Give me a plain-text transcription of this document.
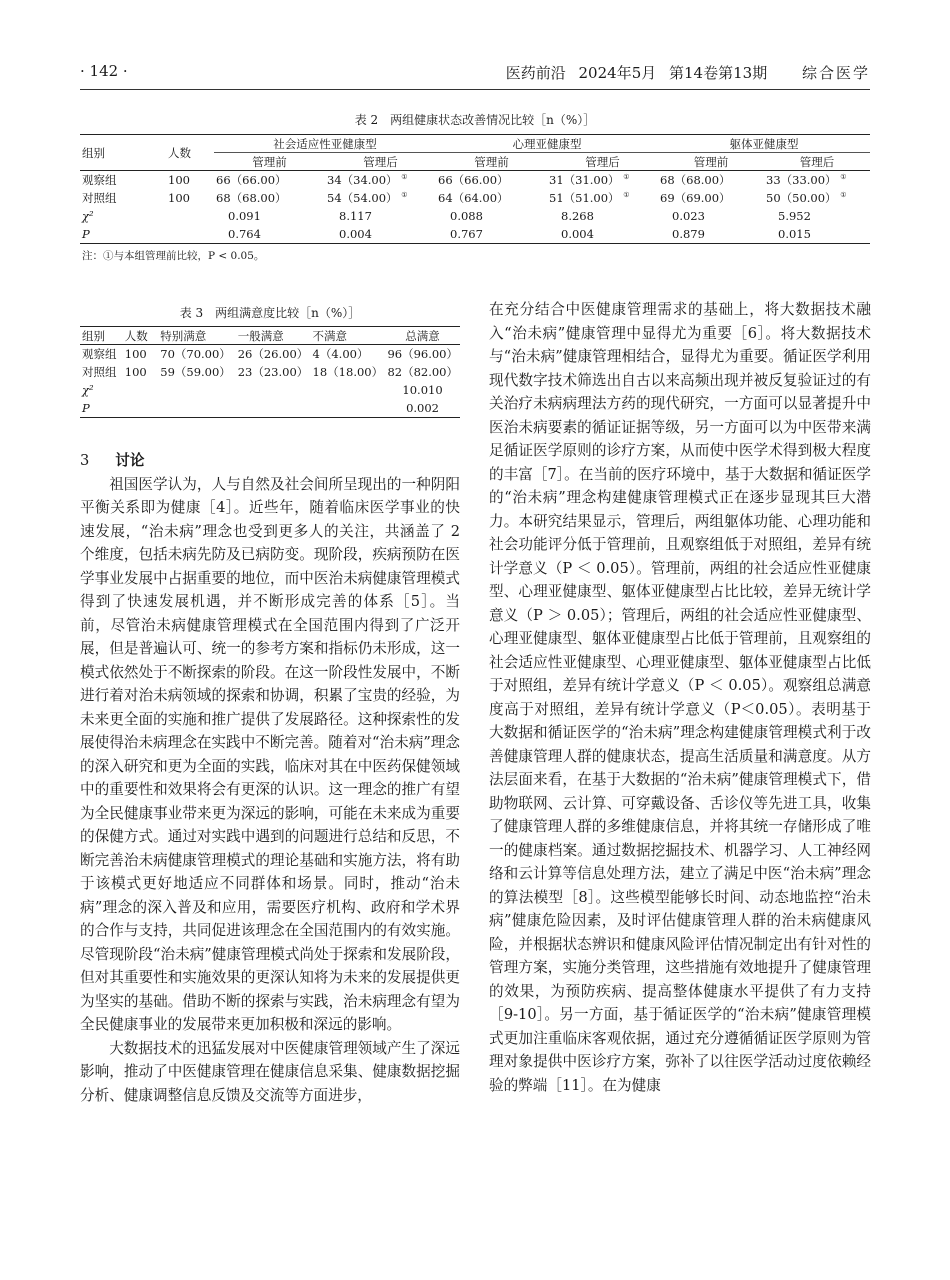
· 142 ·	医药前沿 2024年5月 第14卷第13期 综合医学
表 2　两组健康状态改善情况比较［n（%）］
组别	人数	社会适应性亚健康型		心理亚健康型		躯体亚健康型	
		管理前	管理后	管理前	管理后	管理前	管理后
观察组	100	66（66.00）	34（34.00） ①	66（66.00）	31（31.00） ①	68（68.00）	33（33.00） ①
对照组	100	68（68.00）	54（54.00） ①	64（64.00）	51（51.00） ①	69（69.00）	50（50.00） ①
χ²		0.091	8.117	0.088	8.268	0.023	5.952
P		0.764	0.004	0.767	0.004	0.879	0.015
注：①与本组管理前比较，P < 0.05。
表 3　两组满意度比较［n（%）］
组别	人数	特别满意	一般满意	不满意	总满意
观察组	100	70（70.00）	26（26.00）	4（4.00）	96（96.00）
对照组	100	59（59.00）	23（23.00）	18（18.00）	82（82.00）
χ²					10.010
P					0.002
3 讨论

祖国医学认为，人与自然及社会间所呈现出的一种阴阳平衡关系即为健康［4］。近些年，随着临床医学事业的快速发展，“治未病”理念也受到更多人的关注，共涵盖了 2 个维度，包括未病先防及已病防变。现阶段，疾病预防在医学事业发展中占据重要的地位，而中医治未病健康管理模式得到了快速发展机遇，并不断形成完善的体系［5］。当前，尽管治未病健康管理模式在全国范围内得到了广泛开展，但是普遍认可、统一的参考方案和指标仍未形成，这一模式依然处于不断探索的阶段。在这一阶段性发展中，不断进行着对治未病领域的探索和协调，积累了宝贵的经验，为未来更全面的实施和推广提供了发展路径。这种探索性的发展使得治未病理念在实践中不断完善。随着对“治未病”理念的深入研究和更为全面的实践，临床对其在中医药保健领域中的重要性和效果将会有更深的认识。这一理念的推广有望为全民健康事业带来更为深远的影响，可能在未来成为重要的保健方式。通过对实践中遇到的问题进行总结和反思，不断完善治未病健康管理模式的理论基础和实施方法，将有助于该模式更好地适应不同群体和场景。同时，推动“治未病”理念的深入普及和应用，需要医疗机构、政府和学术界的合作与支持，共同促进该理念在全国范围内的有效实施。尽管现阶段“治未病”健康管理模式尚处于探索和发展阶段，但对其重要性和实施效果的更深认知将为未来的发展提供更为坚实的基础。借助不断的探索与实践，治未病理念有望为全民健康事业的发展带来更加积极和深远的影响。

大数据技术的迅猛发展对中医健康管理领域产生了深远影响，推动了中医健康管理在健康信息采集、健康数据挖掘分析、健康调整信息反馈及交流等方面进步，

在充分结合中医健康管理需求的基础上，将大数据技术融入“治未病”健康管理中显得尤为重要［6］。将大数据技术与“治未病”健康管理相结合，显得尤为重要。循证医学利用现代数字技术筛选出自古以来高频出现并被反复验证过的有关治疗未病病理法方药的现代研究，一方面可以显著提升中医治未病要素的循证证据等级，另一方面可以为中医带来满足循证医学原则的诊疗方案，从而使中医学术得到极大程度的丰富［7］。在当前的医疗环境中，基于大数据和循证医学的“治未病”理念构建健康管理模式正在逐步显现其巨大潜力。本研究结果显示，管理后，两组躯体功能、心理功能和社会功能评分低于管理前，且观察组低于对照组，差异有统计学意义（P ＜ 0.05）。管理前，两组的社会适应性亚健康型、心理亚健康型、躯体亚健康型占比比较，差异无统计学意义（P ＞ 0.05）；管理后，两组的社会适应性亚健康型、心理亚健康型、躯体亚健康型占比低于管理前，且观察组的社会适应性亚健康型、心理亚健康型、躯体亚健康型占比低于对照组，差异有统计学意义（P ＜ 0.05）。观察组总满意度高于对照组，差异有统计学意义（P＜0.05）。表明基于大数据和循证医学的“治未病”理念构建健康管理模式利于改善健康管理人群的健康状态，提高生活质量和满意度。从方法层面来看，在基于大数据的“治未病”健康管理模式下，借助物联网、云计算、可穿戴设备、舌诊仪等先进工具，收集了健康管理人群的多维健康信息，并将其统一存储形成了唯一的健康档案。通过数据挖掘技术、机器学习、人工神经网络和云计算等信息处理方法，建立了满足中医“治未病”理念的算法模型［8］。这些模型能够长时间、动态地监控“治未病”健康危险因素，及时评估健康管理人群的治未病健康风险，并根据状态辨识和健康风险评估情况制定出有针对性的管理方案，实施分类管理，这些措施有效地提升了健康管理的效果，为预防疾病、提高整体健康水平提供了有力支持［9-10］。另一方面，基于循证医学的“治未病”健康管理模式更加注重临床客观依据，通过充分遵循循证医学原则为管理对象提供中医诊疗方案，弥补了以往医学活动过度依赖经验的弊端［11］。在为健康
